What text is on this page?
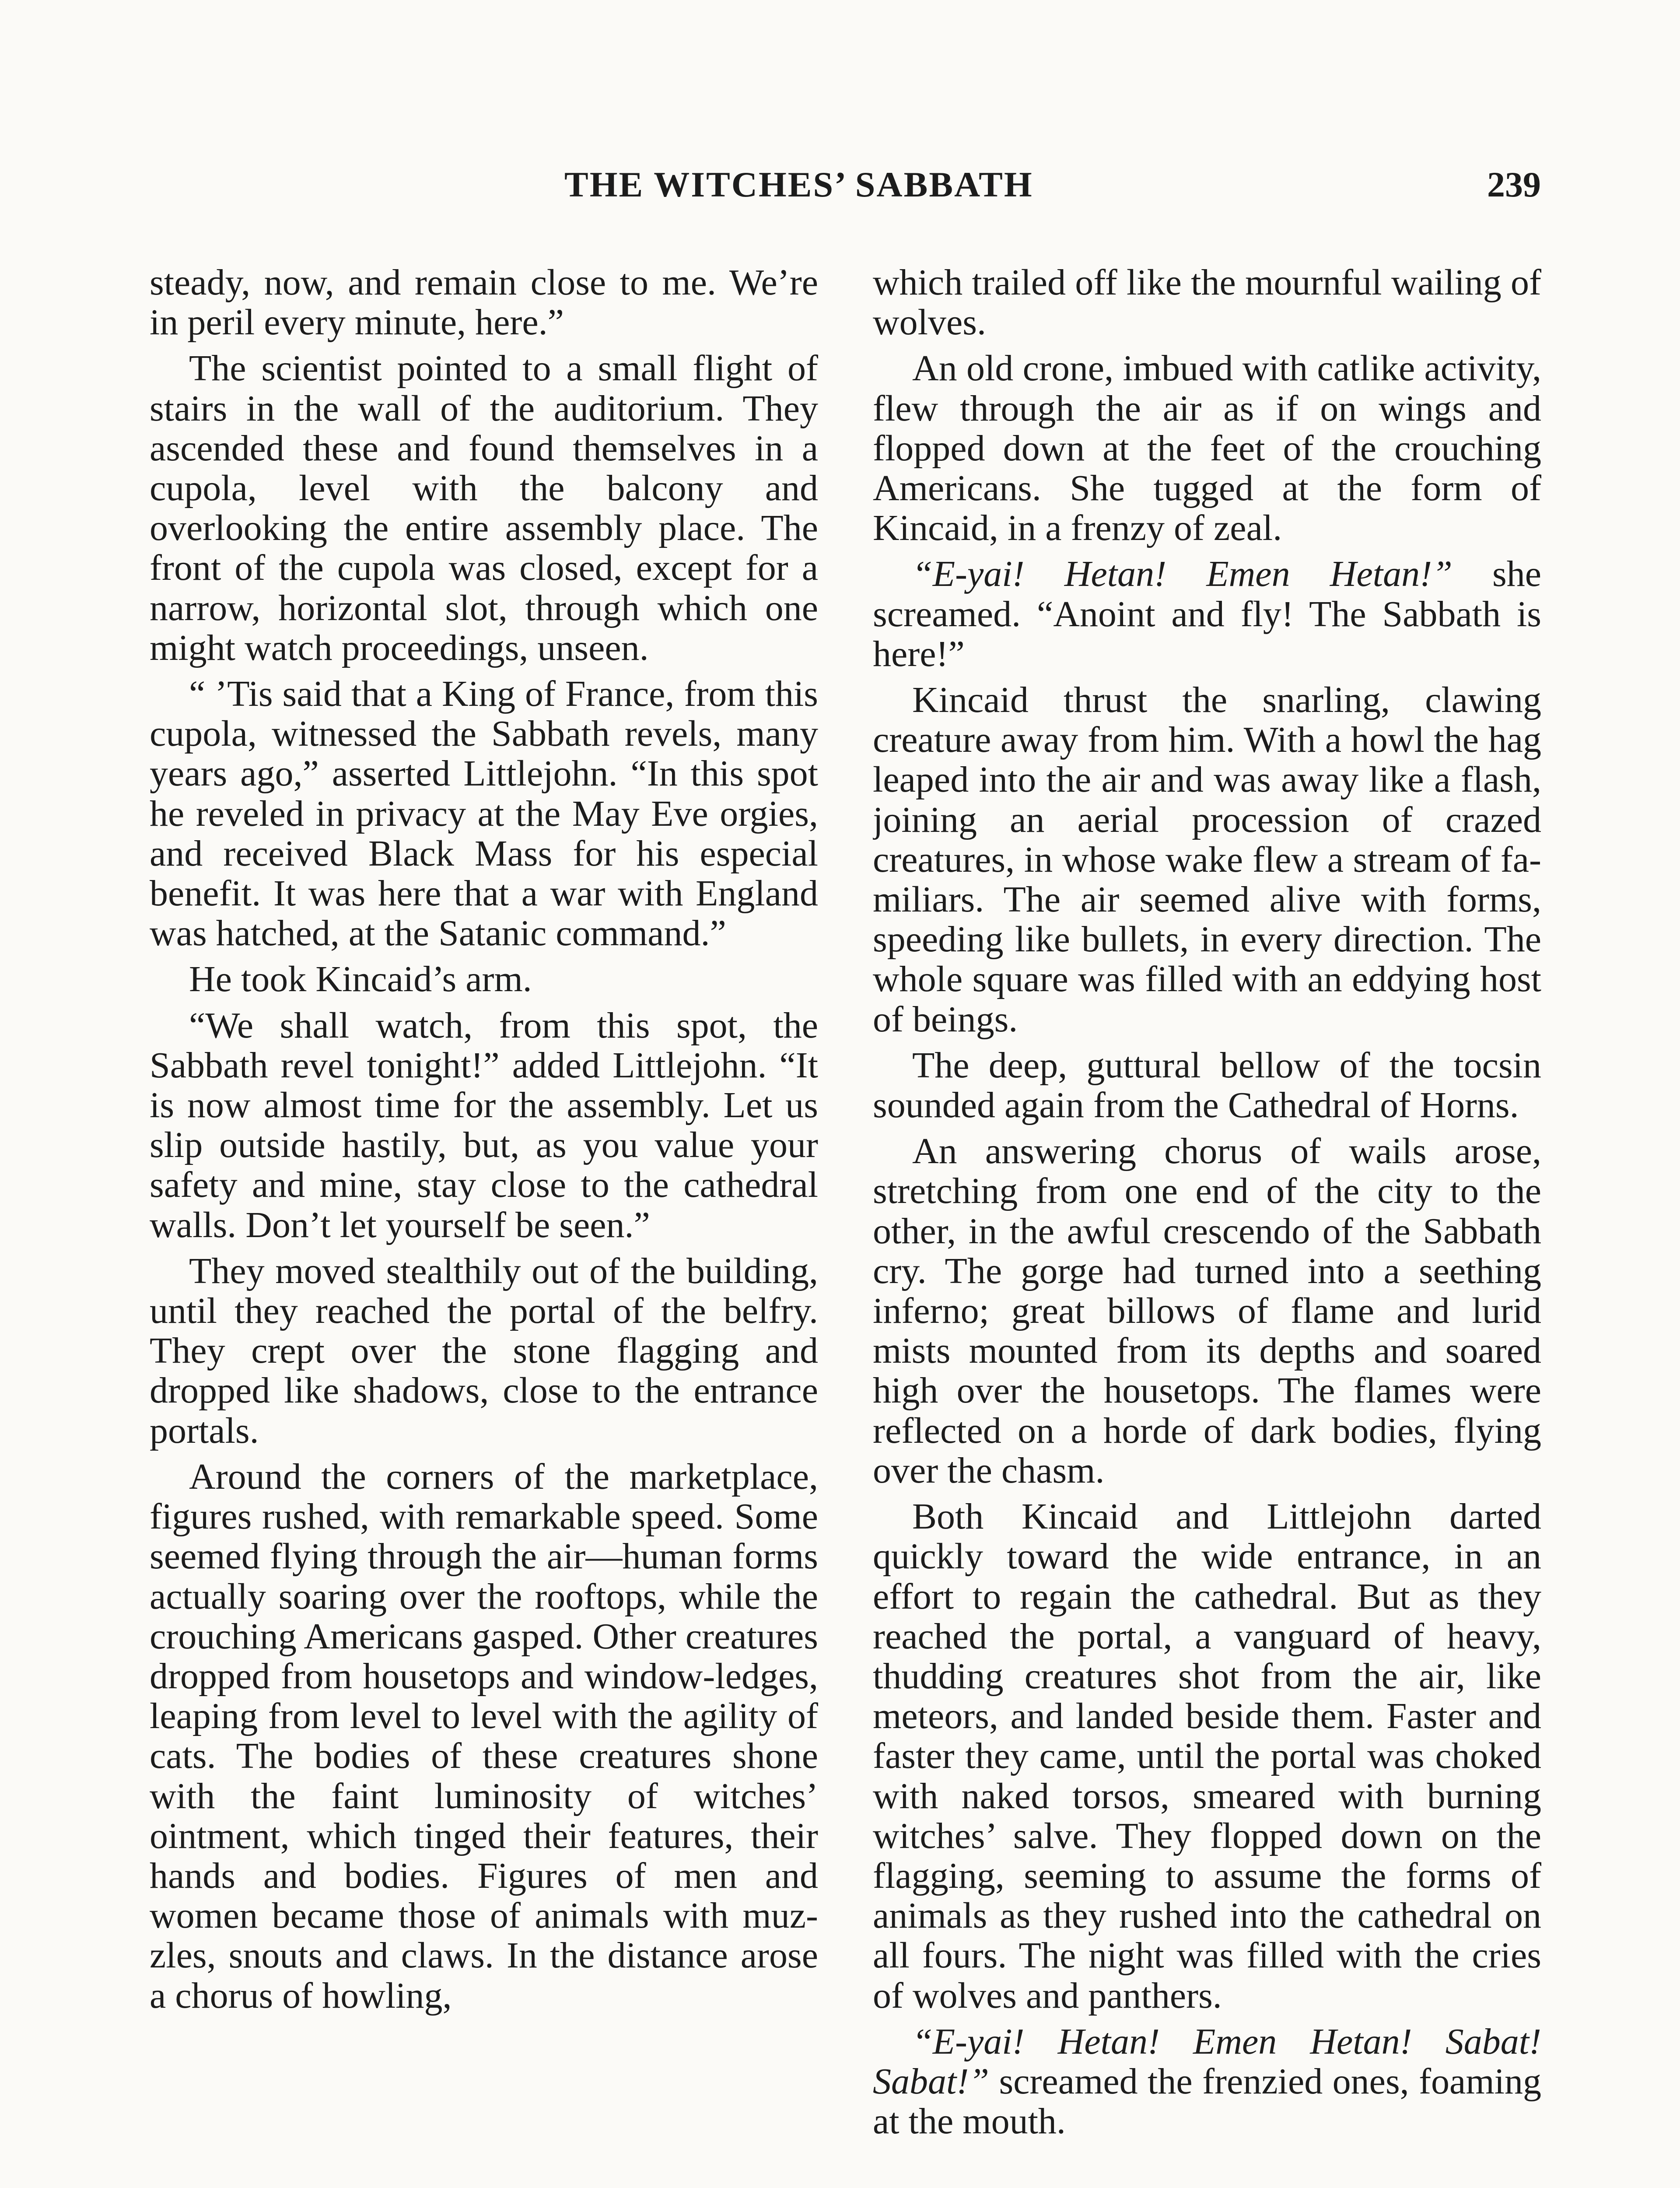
THE WITCHES’ SABBATH	239

steady, now, and remain close to me. We’re in peril every minute, here.”

The scientist pointed to a small flight of stairs in the wall of the auditorium. They ascended these and found themselves in a cupola, level with the balcony and overlooking the entire assembly place. The front of the cupola was closed, except for a narrow, horizontal slot, through which one might watch proceedings, unseen.

“ ’Tis said that a King of France, from this cupola, witnessed the Sabbath revels, many years ago,” asserted Littlejohn. “In this spot he reveled in privacy at the May Eve orgies, and received Black Mass for his especial benefit. It was here that a war with England was hatched, at the Satanic command.”

He took Kincaid’s arm.

“We shall watch, from this spot, the Sabbath revel tonight!” added Littlejohn. “It is now almost time for the assembly. Let us slip outside hastily, but, as you value your safety and mine, stay close to the cathedral walls. Don’t let yourself be seen.”

They moved stealthily out of the building, until they reached the portal of the belfry. They crept over the stone flagging and dropped like shadows, close to the entrance portals.

Around the corners of the marketplace, figures rushed, with remarkable speed. Some seemed flying through the air—human forms actually soaring over the rooftops, while the crouching Americans gasped. Other creatures dropped from housetops and window-ledges, leaping from level to level with the agility of cats. The bodies of these creatures shone with the faint luminosity of witches’ ointment, which tinged their features, their hands and bodies. Figures of men and women became those of animals with muzzles, snouts and claws. In the distance arose a chorus of howling,

which trailed off like the mournful wailing of wolves.

An old crone, imbued with catlike activity, flew through the air as if on wings and flopped down at the feet of the crouching Americans. She tugged at the form of Kincaid, in a frenzy of zeal.

“E-yai! Hetan! Emen Hetan!” she screamed. “Anoint and fly! The Sabbath is here!”

Kincaid thrust the snarling, clawing creature away from him. With a howl the hag leaped into the air and was away like a flash, joining an aerial procession of crazed creatures, in whose wake flew a stream of familiars. The air seemed alive with forms, speeding like bullets, in every direction. The whole square was filled with an eddying host of beings.

The deep, guttural bellow of the tocsin sounded again from the Cathedral of Horns.

An answering chorus of wails arose, stretching from one end of the city to the other, in the awful crescendo of the Sabbath cry. The gorge had turned into a seething inferno; great billows of flame and lurid mists mounted from its depths and soared high over the housetops. The flames were reflected on a horde of dark bodies, flying over the chasm.

Both Kincaid and Littlejohn darted quickly toward the wide entrance, in an effort to regain the cathedral. But as they reached the portal, a vanguard of heavy, thudding creatures shot from the air, like meteors, and landed beside them. Faster and faster they came, until the portal was choked with naked torsos, smeared with burning witches’ salve. They flopped down on the flagging, seeming to assume the forms of animals as they rushed into the cathedral on all fours. The night was filled with the cries of wolves and panthers.

“E-yai! Hetan! Emen Hetan! Sabat! Sabat!” screamed the frenzied ones, foaming at the mouth.
